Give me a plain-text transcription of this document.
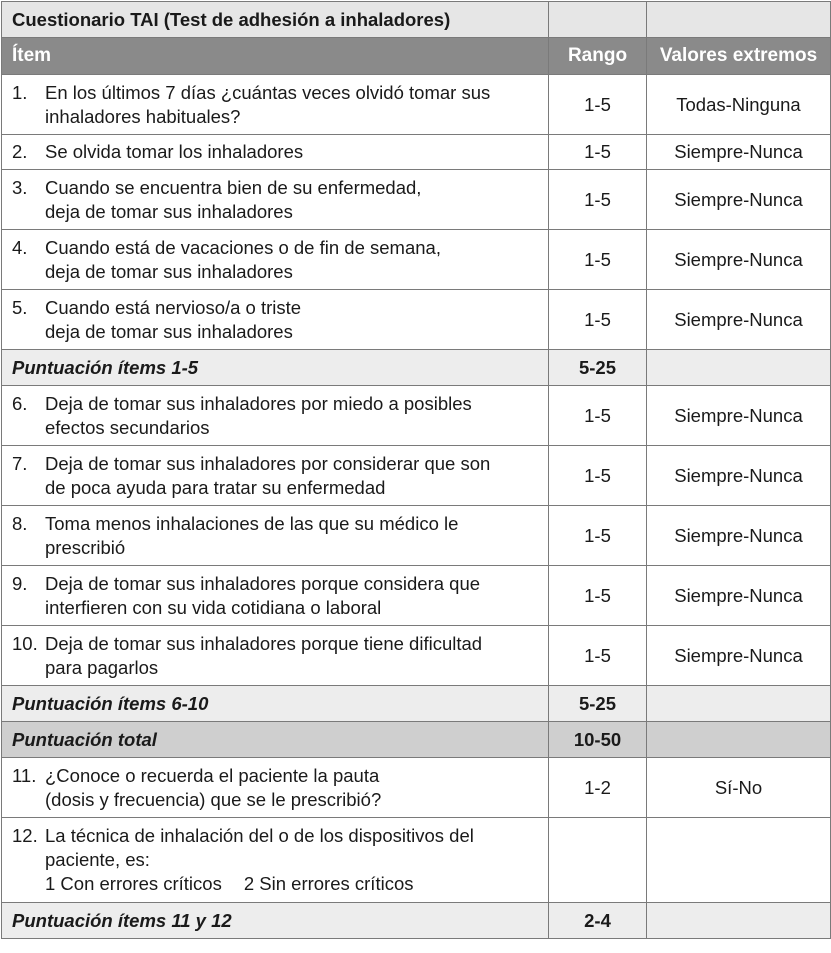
Cuestionario TAI (Test de adhesión a inhaladores)		
Ítem	Rango	Valores extremos

1. En los últimos 7 días ¿cuántas veces olvidó tomar sus
inhaladores habituales?	1-5	Todas-Ninguna

2. Se olvida tomar los inhaladores	1-5	Siempre-Nunca

3. Cuando se encuentra bien de su enfermedad,
deja de tomar sus inhaladores	1-5	Siempre-Nunca

4. Cuando está de vacaciones o de fin de semana,
deja de tomar sus inhaladores	1-5	Siempre-Nunca

5. Cuando está nervioso/a o triste
deja de tomar sus inhaladores	1-5	Siempre-Nunca
Puntuación ítems 1-5	5-25	

6. Deja de tomar sus inhaladores por miedo a posibles
efectos secundarios	1-5	Siempre-Nunca

7. Deja de tomar sus inhaladores por considerar que son
de poca ayuda para tratar su enfermedad	1-5	Siempre-Nunca

8. Toma menos inhalaciones de las que su médico le
prescribió	1-5	Siempre-Nunca

9. Deja de tomar sus inhaladores porque considera que
interfieren con su vida cotidiana o laboral	1-5	Siempre-Nunca

10. Deja de tomar sus inhaladores porque tiene dificultad
para pagarlos	1-5	Siempre-Nunca
Puntuación ítems 6-10	5-25	
Puntuación total	10-50	

11. ¿Conoce o recuerda el paciente la pauta
(dosis y frecuencia) que se le prescribió?	1-2	Sí-No

12. La técnica de inhalación del o de los dispositivos del
paciente, es:
1 Con errores críticos 2 Sin errores críticos		

Puntuación ítems 11 y 12	2-4	
